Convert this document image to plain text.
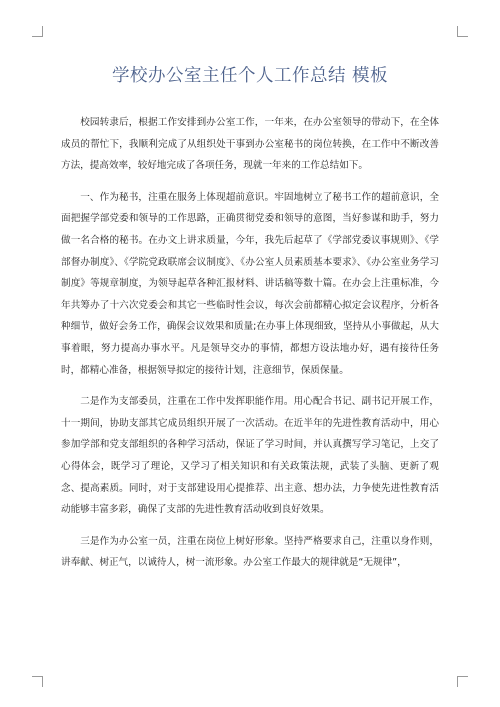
学校办公室主任个人工作总结 模板

校园转隶后，根据工作安排到办公室工作，一年来，在办公室领导的带动下，在全体成员的帮忙下，我顺利完成了从组织处干事到办公室秘书的岗位转换，在工作中不断改善方法，提高效率，较好地完成了各项任务，现就一年来的工作总结如下。

一、作为秘书，注重在服务上体现超前意识。牢固地树立了秘书工作的超前意识，全面把握学部党委和领导的工作思路，正确贯彻党委和领导的意图，当好参谋和助手，努力做一名合格的秘书。在办文上讲求质量，今年，我先后起草了《学部党委议事规则》、《学部督办制度》、《学院党政联席会议制度》、《办公室人员素质基本要求》、《办公室业务学习制度》等规章制度，为领导起草各种汇报材料、讲话稿等数十篇。在办会上注重标准，今年共筹办了十六次党委会和其它一些临时性会议，每次会前都精心拟定会议程序，分析各种细节，做好会务工作，确保会议效果和质量;在办事上体现细致，坚持从小事做起，从大事着眼，努力提高办事水平。凡是领导交办的事情，都想方设法地办好，遇有接待任务时，都精心准备，根据领导拟定的接待计划，注意细节，保质保量。

二是作为支部委员，注重在工作中发挥职能作用。用心配合书记、副书记开展工作，十一期间，协助支部其它成员组织开展了一次活动。在近半年的先进性教育活动中，用心参加学部和党支部组织的各种学习活动，保证了学习时间，并认真撰写学习笔记，上交了心得体会，既学习了理论，又学习了相关知识和有关政策法规，武装了头脑、更新了观念、提高素质。同时，对于支部建设用心提推荐、出主意、想办法，力争使先进性教育活动能够丰富多彩，确保了支部的先进性教育活动收到良好效果。

三是作为办公室一员，注重在岗位上树好形象。坚持严格要求自己，注重以身作则，讲奉献、树正气，以诚待人，树一流形象。办公室工作最大的规律就是“无规律”，
